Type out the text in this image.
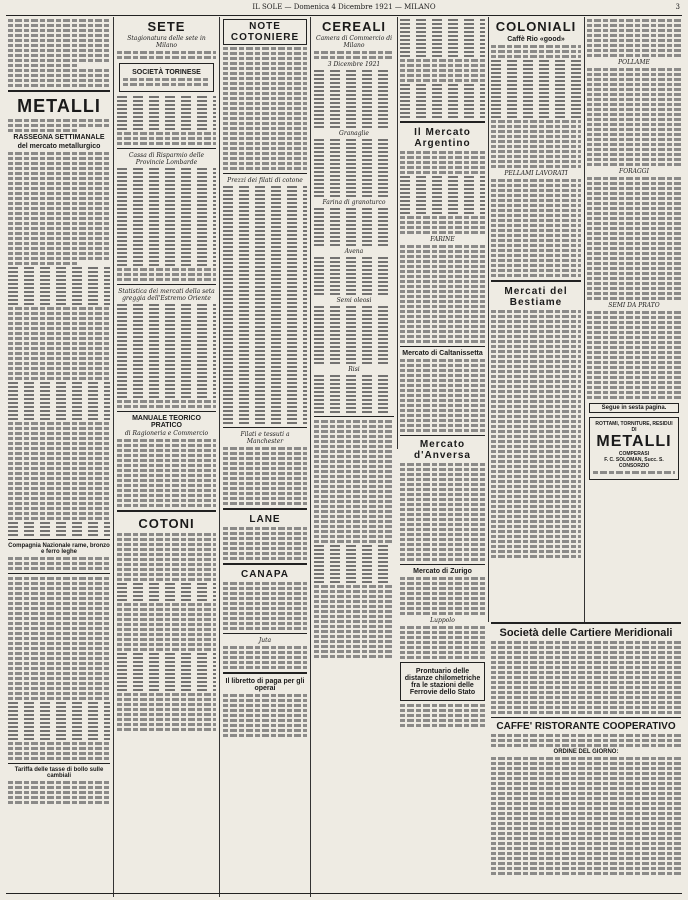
IL SOLE — Domenica 4 Dicembre 1921 — MILANO	3
METALLI
RASSEGNA SETTIMANALE
del mercato metallurgico
Compagnia Nazionale rame, bronzo e ferro leghe
Tariffa delle tasse di bollo sulle cambiali
SETE
Stagionatura delle sete in Milano
SOCIETÀ TORINESE
Cassa di Risparmio delle Provincie Lombarde
Statistica dei mercati della seta greggia dell'Estremo Oriente
MANUALE TEORICO PRATICO
di Ragioneria e Commercio
COTONI
NOTE COTONIERE
Prezzi dei filati di cotone
Filati e tessuti a Manchester
LANE
CANAPA
Juta
Il libretto di paga per gli operai
CEREALI
Camera di Commercio di Milano
3 Dicembre 1921
Granaglie
Farina di granoturco
Avena
Semi oleosi
Risi
Il Mercato Argentino
FARINE
Mercato di Caltanissetta
Mercato d'Anversa
Mercato di Zurigo
Luppolo
Prontuario delle distanze chilometriche fra le stazioni delle Ferrovie dello Stato
COLONIALI
Caffè Rio «good»
PELLAMI LAVORATI
Mercati del Bestiame
POLLAME
FORAGGI
SEMI DA PRATO
Segue in sesta pagina.
ROTTAMI, TORNITURE, RESIDUI DI
METALLI
COMPERASI
F. C. SOLOMAN, Succ. S. CONSORZIO
Società delle Cartiere Meridionali
CAFFE' RISTORANTE COOPERATIVO
ORDINE DEL GIORNO:
